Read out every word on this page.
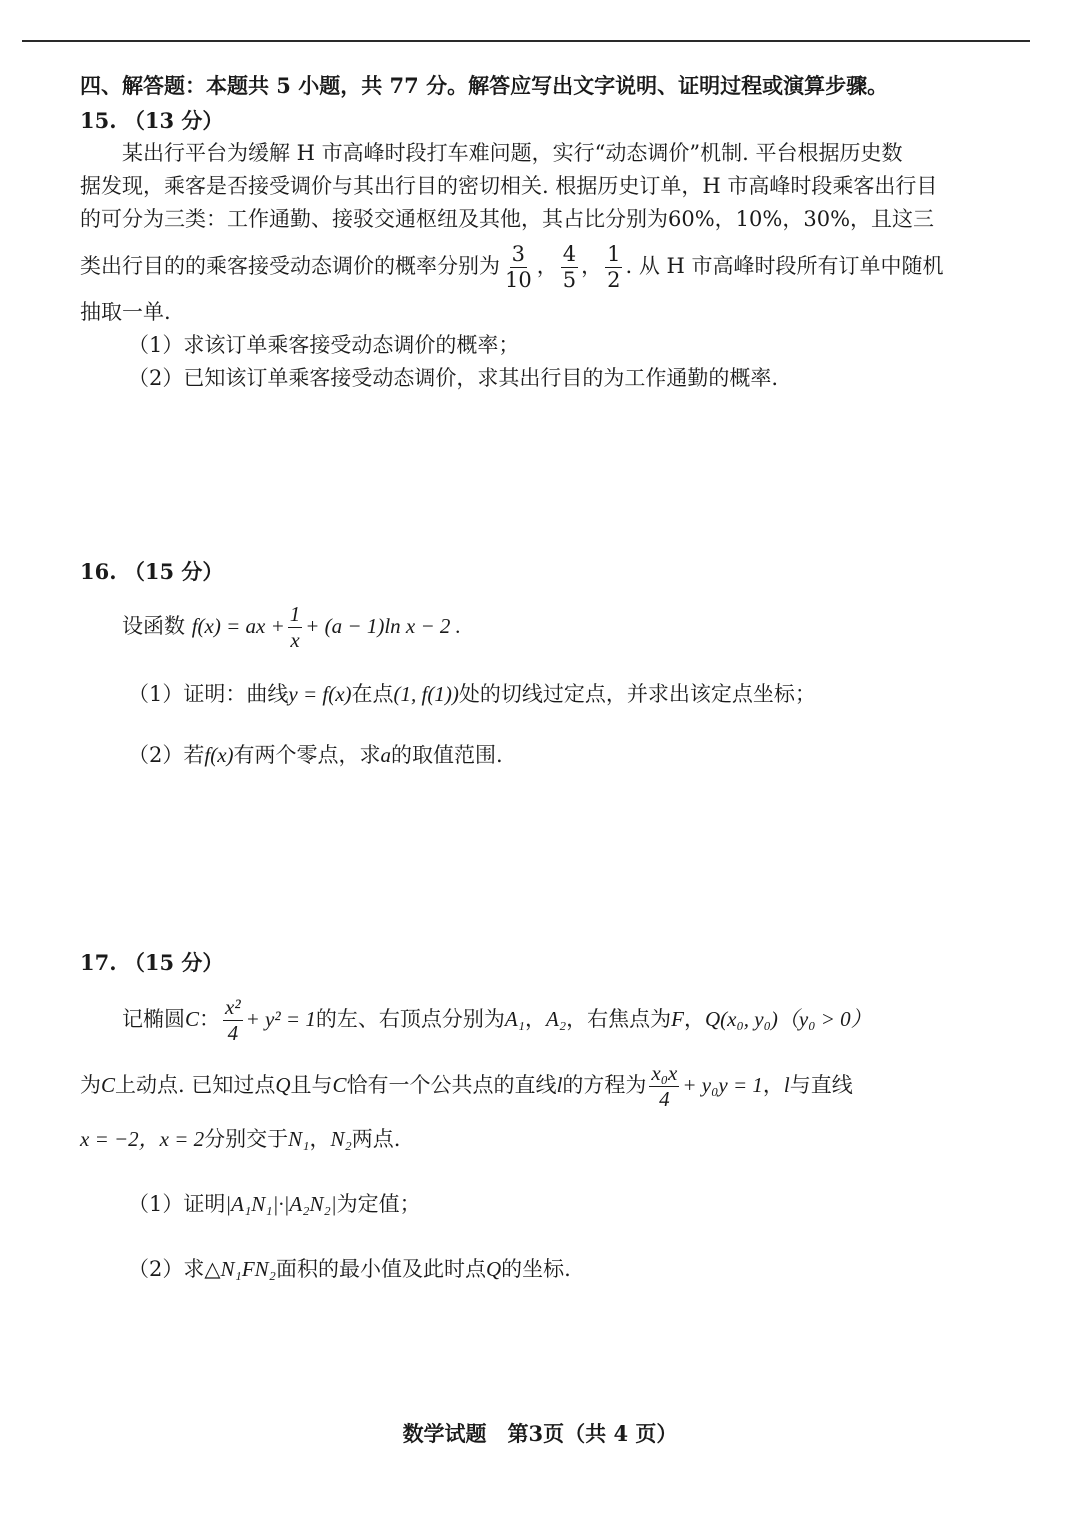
四、解答题：本题共 5 小题，共 77 分。解答应写出文字说明、证明过程或演算步骤。
15. （13 分）
某出行平台为缓解 H 市高峰时段打车难问题，实行“动态调价”机制. 平台根据历史数
据发现，乘客是否接受调价与其出行目的密切相关. 根据历史订单，H 市高峰时段乘客出行目
的可分为三类：工作通勤、接驳交通枢纽及其他，其占比分别为60%，10%，30%，且这三
类出行目的的乘客接受动态调价的概率分别为 $\frac{3}{10}$ ， $\frac{4}{5}$ ， $\frac{1}{2}$ . 从 H 市高峰时段所有订单中随机
抽取一单.
（1）求该订单乘客接受动态调价的概率；
（2）已知该订单乘客接受动态调价，求其出行目的为工作通勤的概率.
16. （15 分）
设函数 f(x) = ax + $\frac{1}{x} + (a - 1)\ln$ x − 2 .
（1）证明：曲线y = f(x)在点(1, f(1))处的切线过定点，并求出该定点坐标；
（2）若f(x)有两个零点，求a的取值范围.
17. （15 分）
记椭圆C： $\frac{\text{x²}}{4} + y^2 = 1$的左、右顶点分别为A₁，A₂，右焦点为F，Q(x₀, y₀)（y₀ > 0）
为C上动点. 已知过点Q且与C恰有一个公共点的直线l的方程为 $\frac{\text{x₀x}}{4} + y_0y = 1$，l与直线
x = −2，x = 2分别交于N₁，N₂两点.
（1）证明|A₁N₁|·|A₂N₂|为定值；
（2）求△N₁FN₂面积的最小值及此时点Q的坐标.
数学试题　第3页（共 4 页）
